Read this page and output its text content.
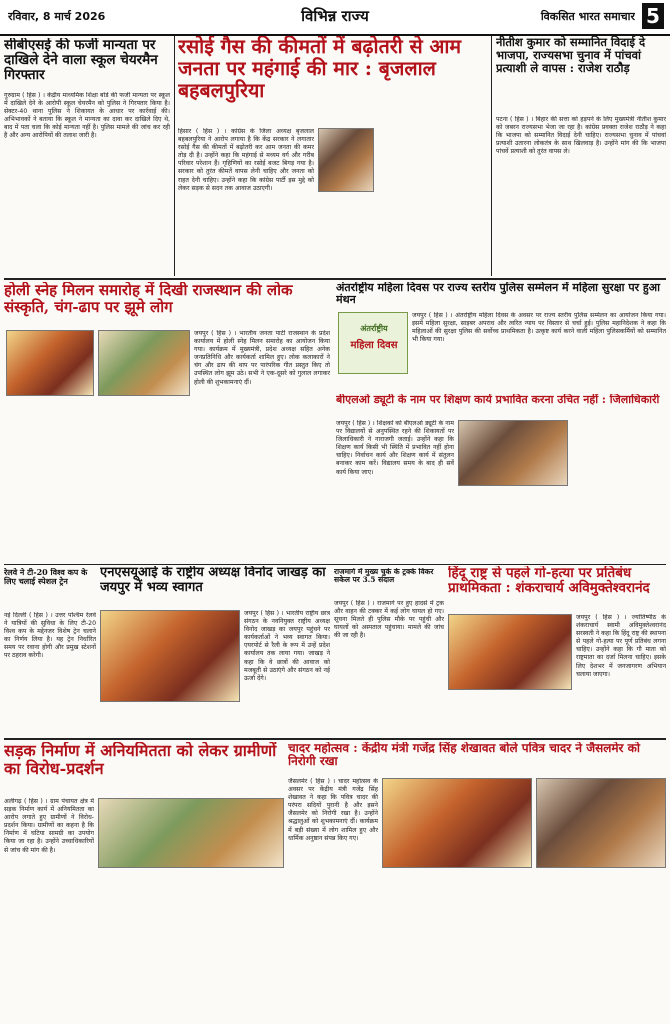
रविवार, 8 मार्च 2026	विभिन्न राज्य	विकसित भारत समाचार 5
सीबीएसई की फर्जी मान्यता पर दाखिले देने वाला स्कूल चेयरमैन गिरफ्तार
गुरुग्राम ( हिंस ) । केंद्रीय माध्यमिक शिक्षा बोर्ड की फर्जी मान्यता पर स्कूल में दाखिले देने के आरोपी स्कूल चेयरमैन को पुलिस ने गिरफ्तार किया है। सेक्टर-40 थाना पुलिस ने शिकायत के आधार पर कार्रवाई की। अभिभावकों ने बताया कि स्कूल ने मान्यता का दावा कर दाखिले दिए थे, बाद में पता चला कि कोई मान्यता नहीं है। पुलिस मामले की जांच कर रही है और अन्य आरोपियों की तलाश जारी है।
रसोई गैस की कीमतों में बढ़ोतरी से आम जनता पर महंगाई की मार : बृजलाल बहबलपुरिया
हिसार ( हिंस ) । कांग्रेस के जिला अध्यक्ष बृजलाल बहबलपुरिया ने आरोप लगाया है कि केंद्र सरकार ने लगातार रसोई गैस की कीमतों में बढ़ोतरी कर आम जनता की कमर तोड़ दी है। उन्होंने कहा कि महंगाई से मध्यम वर्ग और गरीब परिवार परेशान हैं। गृहिणियों का रसोई बजट बिगड़ गया है। सरकार को तुरंत कीमतें वापस लेनी चाहिए और जनता को राहत देनी चाहिए। उन्होंने कहा कि कांग्रेस पार्टी इस मुद्दे को लेकर सड़क से सदन तक आवाज उठाएगी।
नीतीश कुमार को सम्मानित विदाई दे भाजपा, राज्यसभा चुनाव में पांचवां प्रत्याशी ले वापस : राजेश राठौड़
पटना ( हिंस ) । बिहार की सत्ता को हड़पने के लिए मुख्यमंत्री नीतीश कुमार को जबरन राज्यसभा भेजा जा रहा है। कांग्रेस प्रवक्ता राजेश राठौड़ ने कहा कि भाजपा को सम्मानित विदाई देनी चाहिए। राज्यसभा चुनाव में पांचवां प्रत्याशी उतारना लोकतंत्र के साथ खिलवाड़ है। उन्होंने मांग की कि भाजपा पांचवें प्रत्याशी को तुरंत वापस ले।
होली स्नेह मिलन समारोह में दिखी राजस्थान की लोक संस्कृति, चंग-ढाप पर झूमे लोग
जयपुर ( हिंस ) । भारतीय जनता पार्टी राजस्थान के प्रदेश कार्यालय में होली स्नेह मिलन समारोह का आयोजन किया गया। कार्यक्रम में मुख्यमंत्री, प्रदेश अध्यक्ष सहित अनेक जनप्रतिनिधि और कार्यकर्ता शामिल हुए। लोक कलाकारों ने चंग और ढाप की थाप पर पारंपरिक गीत प्रस्तुत किए तो उपस्थित लोग झूम उठे। सभी ने एक-दूसरे को गुलाल लगाकर होली की शुभकामनाएं दीं।
अंतर्राष्ट्रीय महिला दिवस पर राज्य स्तरीय पुलिस सम्मेलन में महिला सुरक्षा पर हुआ मंथन
अंतर्राष्ट्रीय
महिला दिवस
जयपुर ( हिंस ) । अंतर्राष्ट्रीय महिला दिवस के अवसर पर राज्य स्तरीय पुलिस सम्मेलन का आयोजन किया गया। इसमें महिला सुरक्षा, साइबर अपराध और त्वरित न्याय पर विस्तार से चर्चा हुई। पुलिस महानिदेशक ने कहा कि महिलाओं की सुरक्षा पुलिस की सर्वोच्च प्राथमिकता है। उत्कृष्ट कार्य करने वाली महिला पुलिसकर्मियों को सम्मानित भी किया गया।
बीएलओ ड्यूटी के नाम पर शिक्षण कार्य प्रभावित करना उचित नहीं : जिलाधिकारी
जयपुर ( हिंस ) । शिक्षकों को बीएलओ ड्यूटी के नाम पर विद्यालयों से अनुपस्थित रहने की शिकायतों पर जिलाधिकारी ने नाराजगी जताई। उन्होंने कहा कि शिक्षण कार्य किसी भी स्थिति में प्रभावित नहीं होना चाहिए। निर्वाचन कार्य और शिक्षण कार्य में संतुलन बनाकर काम करें। विद्यालय समय के बाद ही सर्वे कार्य किया जाए।
रेलवे ने टी-20 विश्व कप के लिए चलाई स्पेशल ट्रेन
नई दिल्ली ( हिंस ) । उत्तर पश्चिम रेलवे ने यात्रियों की सुविधा के लिए टी-20 विश्व कप के मद्देनजर विशेष ट्रेन चलाने का निर्णय लिया है। यह ट्रेन निर्धारित समय पर रवाना होगी और प्रमुख स्टेशनों पर ठहराव करेगी।
एनएसयूआई के राष्ट्रीय अध्यक्ष विनोद जाखड़ का जयपुर में भव्य स्वागत
जयपुर ( हिंस ) । भारतीय राष्ट्रीय छात्र संगठन के नवनियुक्त राष्ट्रीय अध्यक्ष विनोद जाखड़ का जयपुर पहुंचने पर कार्यकर्ताओं ने भव्य स्वागत किया। एयरपोर्ट से रैली के रूप में उन्हें प्रदेश कार्यालय तक लाया गया। जाखड़ ने कहा कि वे छात्रों की आवाज को मजबूती से उठाएंगे और संगठन को नई ऊर्जा देंगे।
राजमार्ग में मुख्य चुके के ट्रक्के विकर सकेल पर 3.5 संदाल
जयपुर ( हिंस ) । राजमार्ग पर हुए हादसे में ट्रक और वाहन की टक्कर में कई लोग घायल हो गए। सूचना मिलते ही पुलिस मौके पर पहुंची और घायलों को अस्पताल पहुंचाया। मामले की जांच की जा रही है।
हिंदू राष्ट्र से पहले गो-हत्या पर प्रतिबंध प्राथमिकता : शंकराचार्य अविमुक्तेश्वरानंद
जयपुर ( हिंस ) । ज्योतिष्पीठ के शंकराचार्य स्वामी अविमुक्तेश्वरानंद सरस्वती ने कहा कि हिंदू राष्ट्र की स्थापना से पहले गो-हत्या पर पूर्ण प्रतिबंध लगना चाहिए। उन्होंने कहा कि गौ माता को राष्ट्रमाता का दर्जा मिलना चाहिए। इसके लिए देशभर में जनजागरण अभियान चलाया जाएगा।
सड़क निर्माण में अनियमितता को लेकर ग्रामीणों का विरोध-प्रदर्शन
अलीगढ़ ( हिंस ) । ग्राम पंचायत क्षेत्र में सड़क निर्माण कार्य में अनियमितता का आरोप लगाते हुए ग्रामीणों ने विरोध-प्रदर्शन किया। ग्रामीणों का कहना है कि निर्माण में घटिया सामग्री का उपयोग किया जा रहा है। उन्होंने उच्चाधिकारियों से जांच की मांग की है।
चादर महोत्सव : केंद्रीय मंत्री गजेंद्र सिंह शेखावत बोले पवित्र चादर ने जैसलमेर को निरोगी रखा
जैसलमेर ( हिंस ) । चादर महोत्सव के अवसर पर केंद्रीय मंत्री गजेंद्र सिंह शेखावत ने कहा कि पवित्र चादर की परंपरा सदियों पुरानी है और इसने जैसलमेर को निरोगी रखा है। उन्होंने श्रद्धालुओं को शुभकामनाएं दीं। कार्यक्रम में बड़ी संख्या में लोग शामिल हुए और धार्मिक अनुष्ठान संपन्न किए गए।
